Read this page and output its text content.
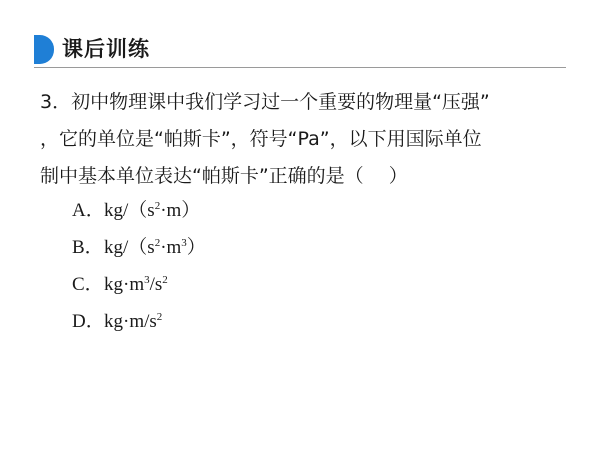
课后训练
3．初中物理课中我们学习过一个重要的物理量“压强”
，它的单位是“帕斯卡”，符号“Pa”，以下用国际单位
制中基本单位表达“帕斯卡”正确的是（　 ）
A．$kg/(s^2\cdot m)$
B．$kg/(s^2\cdot m^3)$
C．$kg\cdot m^3/s^2$
D．$kg\cdot m/s^2$
